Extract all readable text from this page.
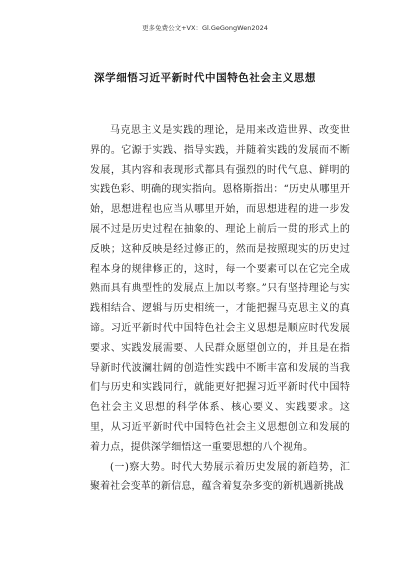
更多免费公文+VX：Gl.GeGongWen2024
深学细悟习近平新时代中国特色社会主义思想

马克思主义是实践的理论，是用来改造世界、改变世界的。它源于实践、指导实践，并随着实践的发展而不断发展，其内容和表现形式都具有强烈的时代气息、鲜明的实践色彩、明确的现实指向。恩格斯指出：“历史从哪里开始，思想进程也应当从哪里开始，而思想进程的进一步发展不过是历史过程在抽象的、理论上前后一贯的形式上的反映；这种反映是经过修正的，然而是按照现实的历史过程本身的规律修正的，这时，每一个要素可以在它完全成熟而具有典型性的发展点上加以考察。”只有坚持理论与实践相结合、逻辑与历史相统一，才能把握马克思主义的真谛。习近平新时代中国特色社会主义思想是顺应时代发展要求、实践发展需要、人民群众愿望创立的，并且是在指导新时代波澜壮阔的创造性实践中不断丰富和发展的当我们与历史和实践同行，就能更好把握习近平新时代中国特色社会主义思想的科学体系、核心要义、实践要求。这里，从习近平新时代中国特色社会主义思想创立和发展的着力点，提供深学细悟这一重要思想的八个视角。

(一)察大势。时代大势展示着历史发展的新趋势，汇聚着社会变革的新信息，蕴含着复杂多变的新机遇新挑战
